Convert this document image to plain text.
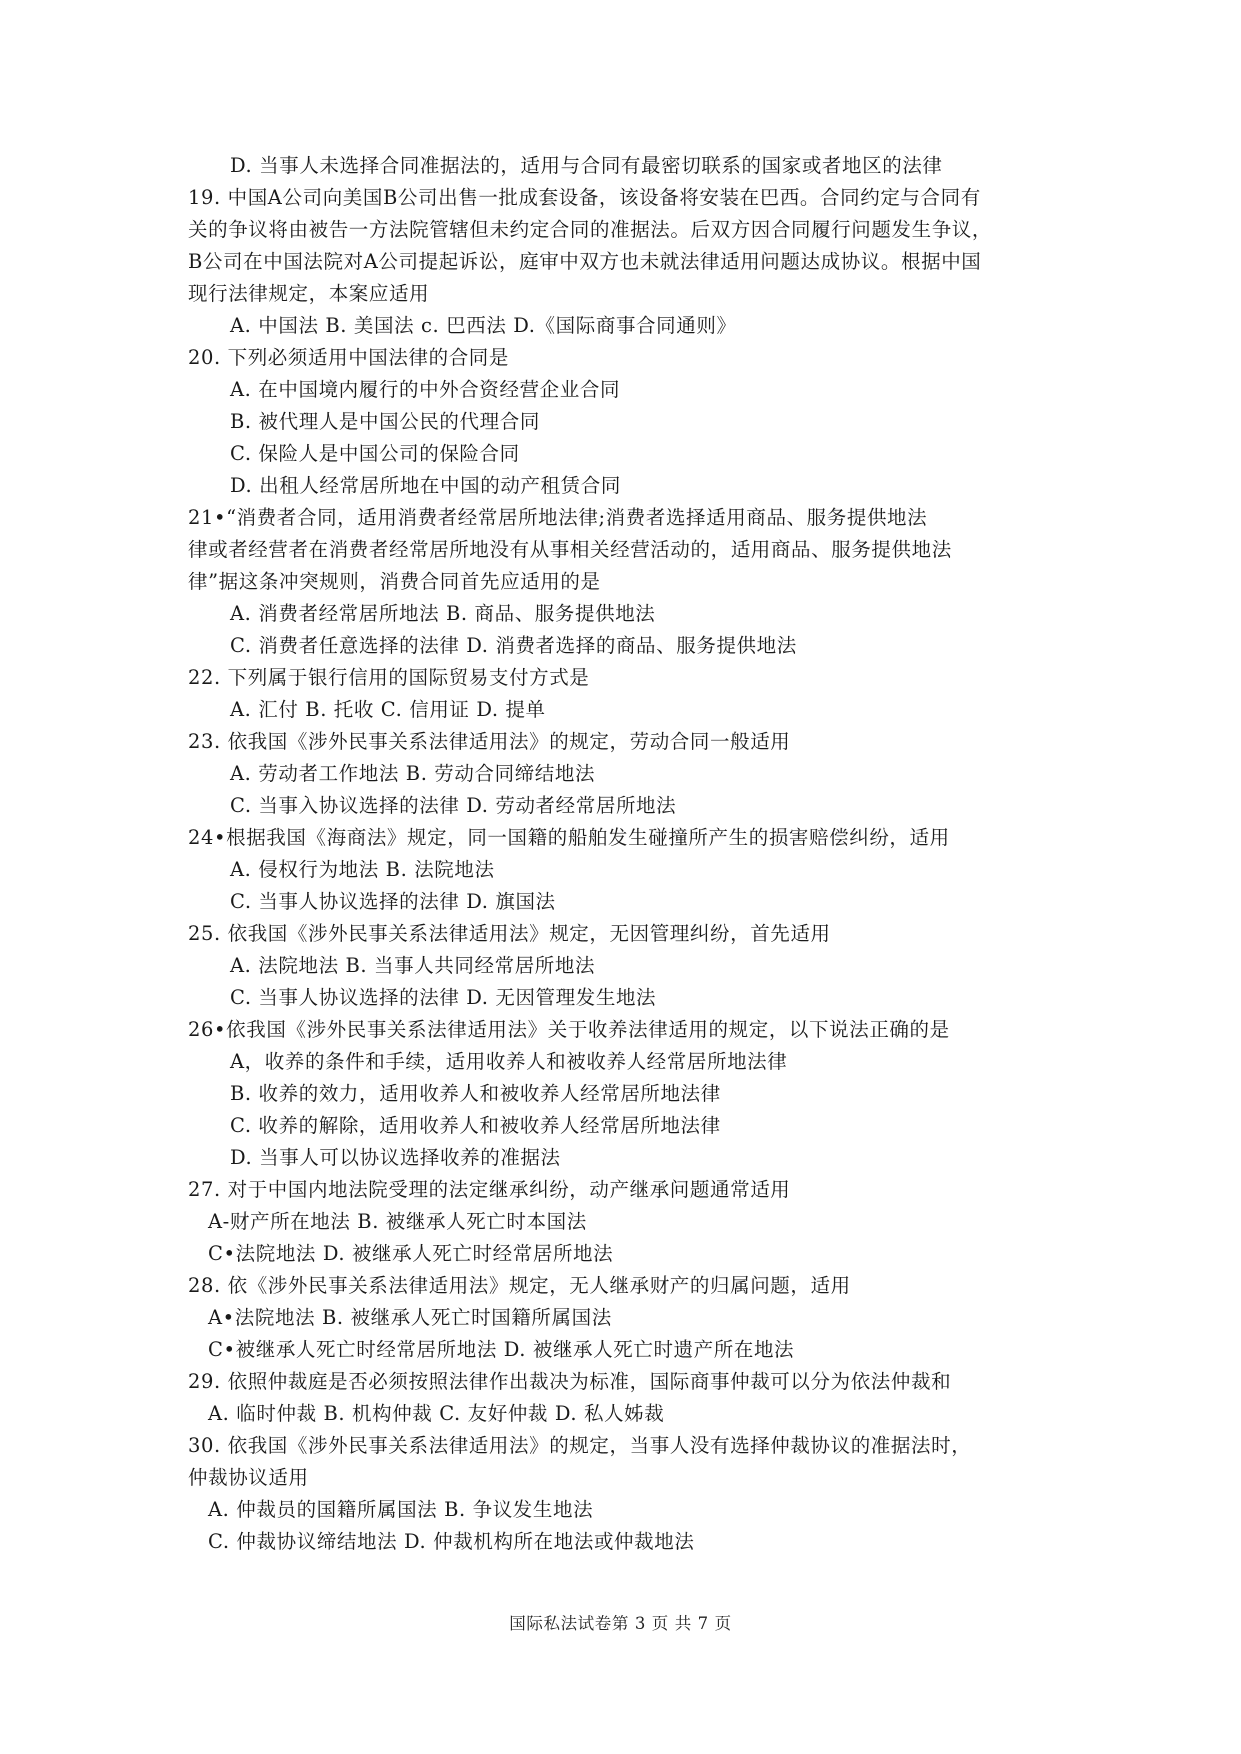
D. 当事人未选择合同准据法的，适用与合同有最密切联系的国家或者地区的法律
19. 中国A公司向美国B公司出售一批成套设备，该设备将安装在巴西。合同约定与合同有
关的争议将由被告一方法院管辖但未约定合同的准据法。后双方因合同履行问题发生争议，
B公司在中国法院对A公司提起诉讼，庭审中双方也未就法律适用问题达成协议。根据中国
现行法律规定，本案应适用
A. 中国法 B. 美国法 c. 巴西法 D.《国际商事合同通则》
20. 下列必须适用中国法律的合同是
A. 在中国境内履行的中外合资经营企业合同
B. 被代理人是中国公民的代理合同
C. 保险人是中国公司的保险合同
D. 出租人经常居所地在中国的动产租赁合同
21•“消费者合同，适用消费者经常居所地法律;消费者选择适用商品、服务提供地法
律或者经营者在消费者经常居所地没有从事相关经营活动的，适用商品、服务提供地法
律”据这条冲突规则，消费合同首先应适用的是
A. 消费者经常居所地法 B. 商品、服务提供地法
C. 消费者任意选择的法律 D. 消费者选择的商品、服务提供地法
22. 下列属于银行信用的国际贸易支付方式是
A. 汇付 B. 托收 C. 信用证 D. 提单
23. 依我国《涉外民事关系法律适用法》的规定，劳动合同一般适用
A. 劳动者工作地法 B. 劳动合同缔结地法
C. 当事入协议选择的法律 D. 劳动者经常居所地法
24•根据我国《海商法》规定，同一国籍的船舶发生碰撞所产生的损害赔偿纠纷，适用
A. 侵权行为地法 B. 法院地法
C. 当事人协议选择的法律 D. 旗国法
25. 依我国《涉外民事关系法律适用法》规定，无因管理纠纷，首先适用
A. 法院地法 B. 当事人共同经常居所地法
C. 当事人协议选择的法律 D. 无因管理发生地法
26•依我国《涉外民事关系法律适用法》关于收养法律适用的规定，以下说法正确的是
A，收养的条件和手续，适用收养人和被收养人经常居所地法律
B. 收养的效力，适用收养人和被收养人经常居所地法律
C. 收养的解除，适用收养人和被收养人经常居所地法律
D. 当事人可以协议选择收养的准据法
27. 对于中国内地法院受理的法定继承纠纷，动产继承问题通常适用
A-财产所在地法 B. 被继承人死亡时本国法
C•法院地法 D. 被继承人死亡时经常居所地法
28. 依《涉外民事关系法律适用法》规定，无人继承财产的归属问题，适用
A•法院地法 B. 被继承人死亡时国籍所属国法
C•被继承人死亡时经常居所地法 D. 被继承人死亡时遗产所在地法
29. 依照仲裁庭是否必须按照法律作出裁决为标准，国际商事仲裁可以分为依法仲裁和
A. 临时仲裁 B. 机构仲裁 C. 友好仲裁 D. 私人姊裁
30. 依我国《涉外民事关系法律适用法》的规定，当事人没有选择仲裁协议的准据法时，
仲裁协议适用
A. 仲裁员的国籍所属国法 B. 争议发生地法
C. 仲裁协议缔结地法 D. 仲裁机构所在地法或仲裁地法
国际私法试卷第 3 页 共 7 页
